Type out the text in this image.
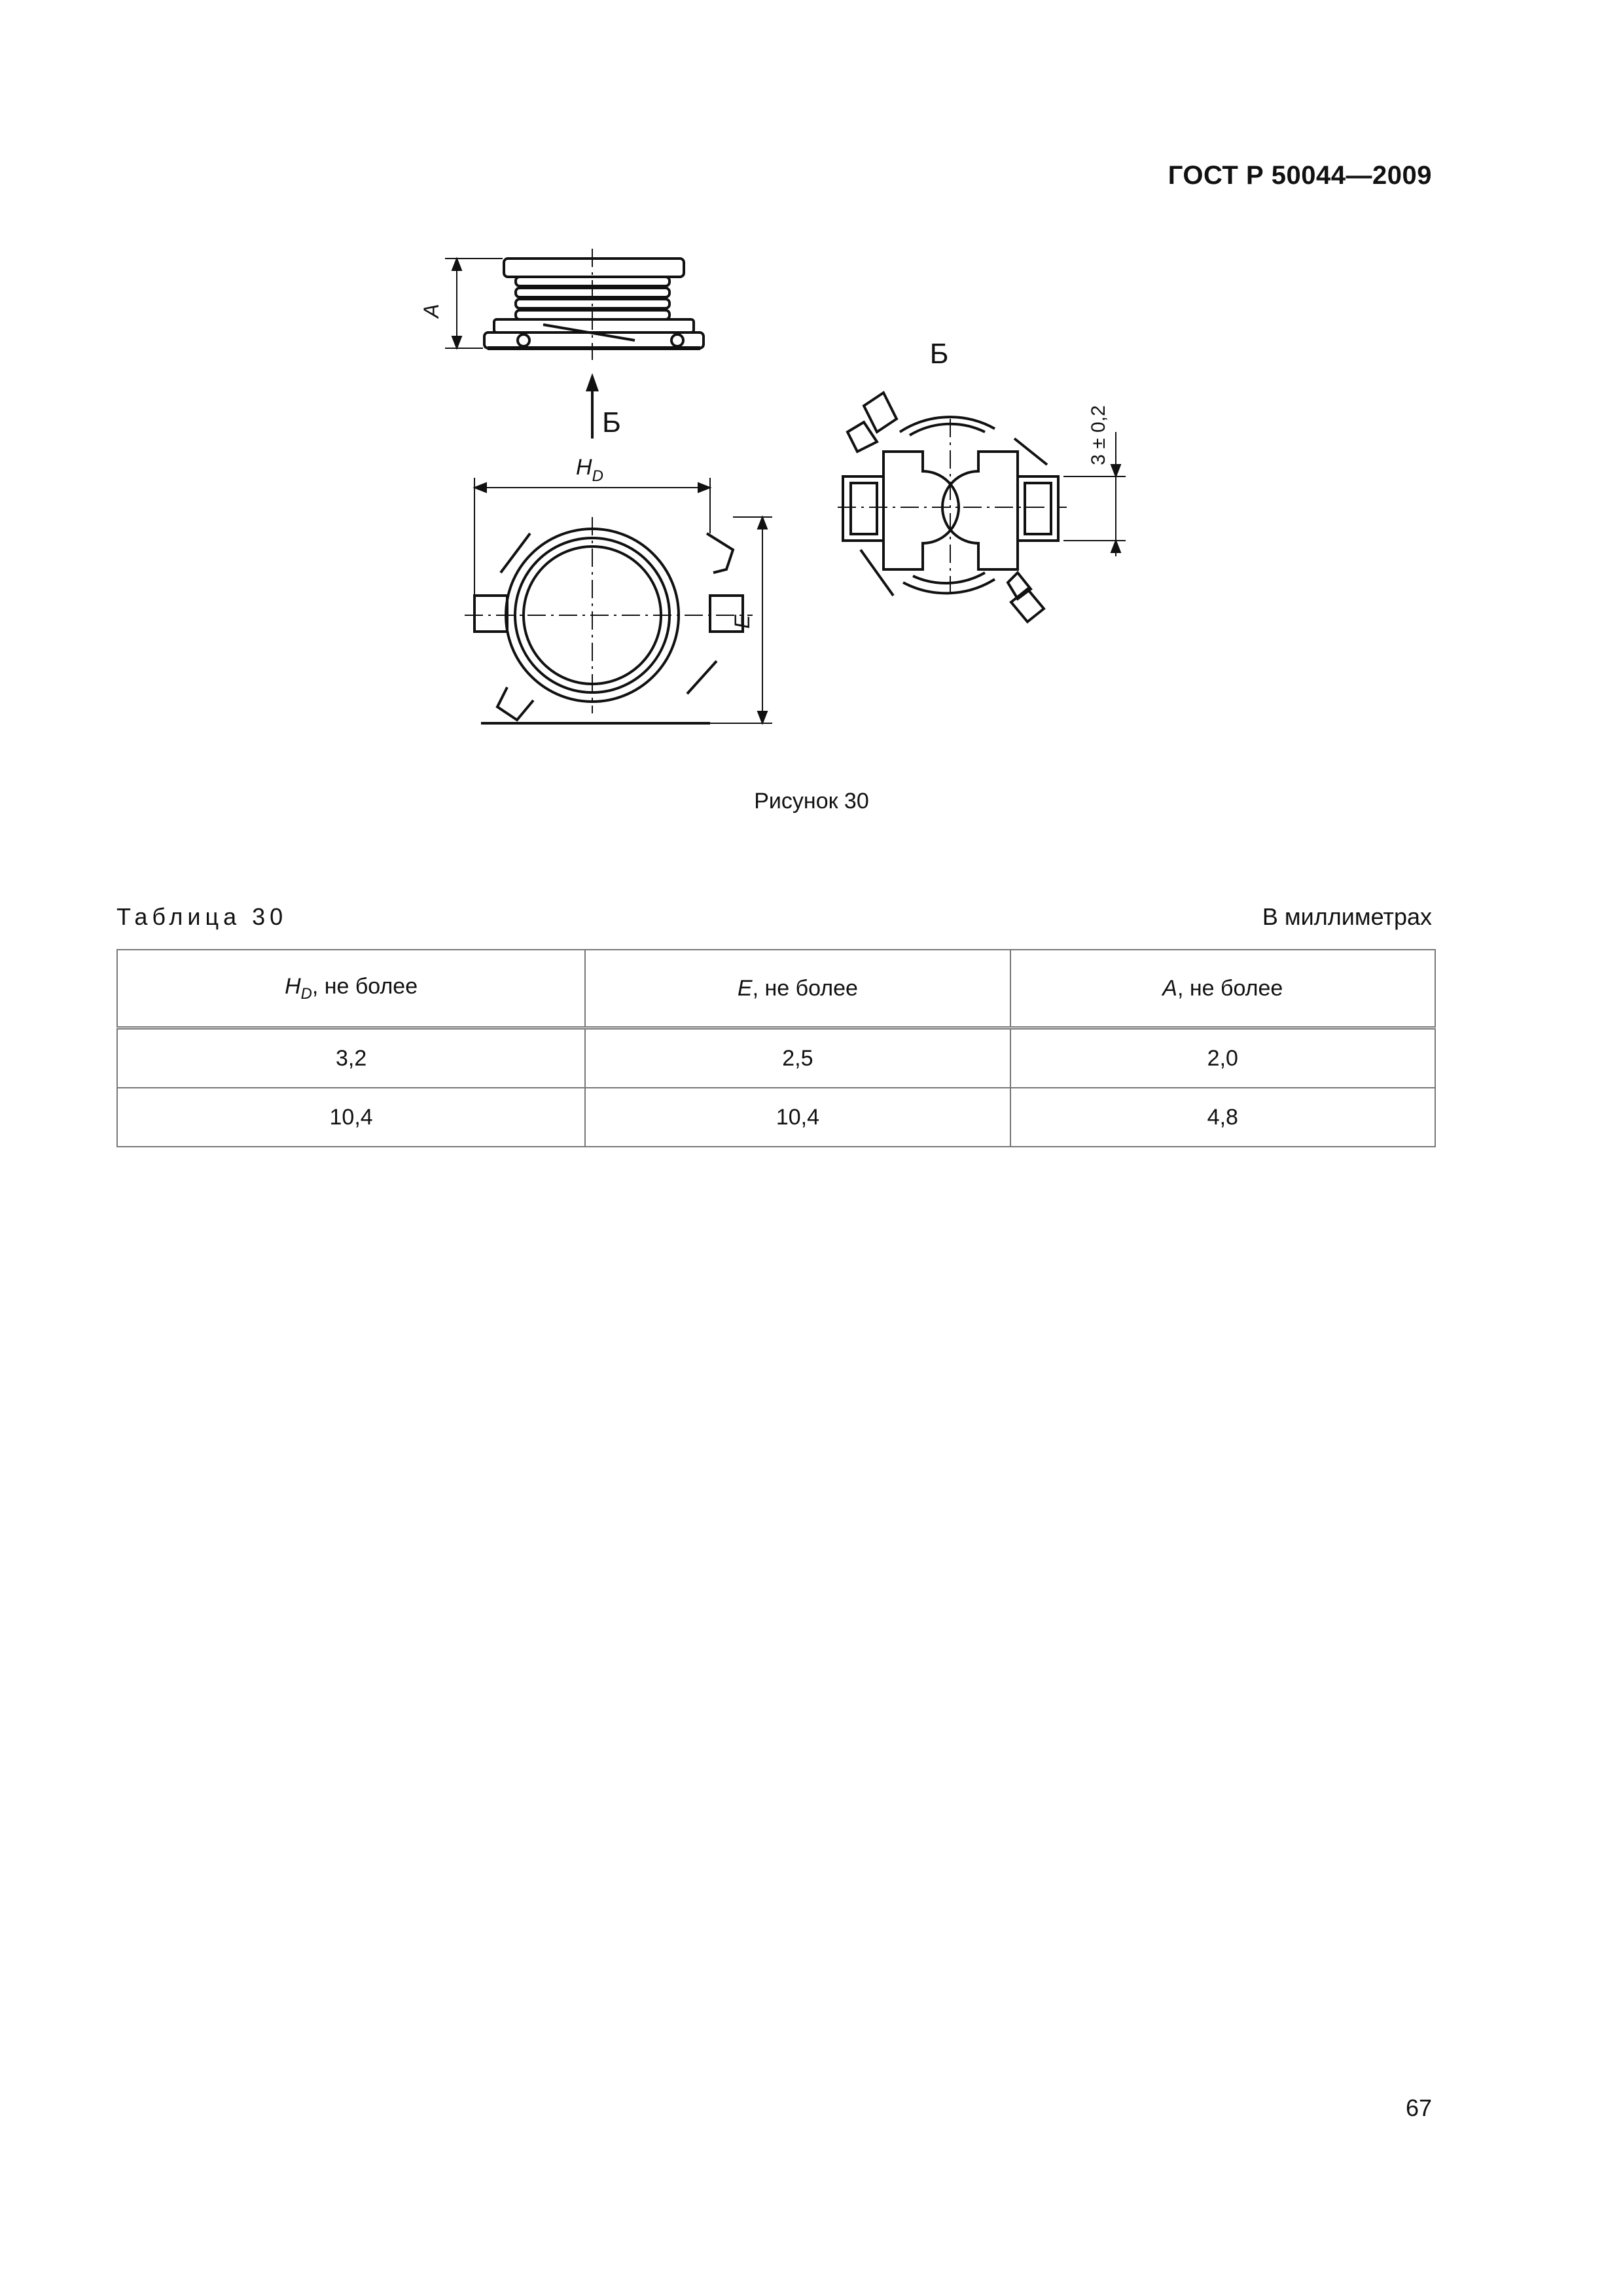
ГОСТ Р 50044—2009
A
Б
$H_D$
E
Б
3 ± 0,2
Рисунок 30
Таблица 30	В миллиметрах
$H_D$, не более	E, не более	A, не более
3,2	2,5	2,0
10,4	10,4	4,8
67
